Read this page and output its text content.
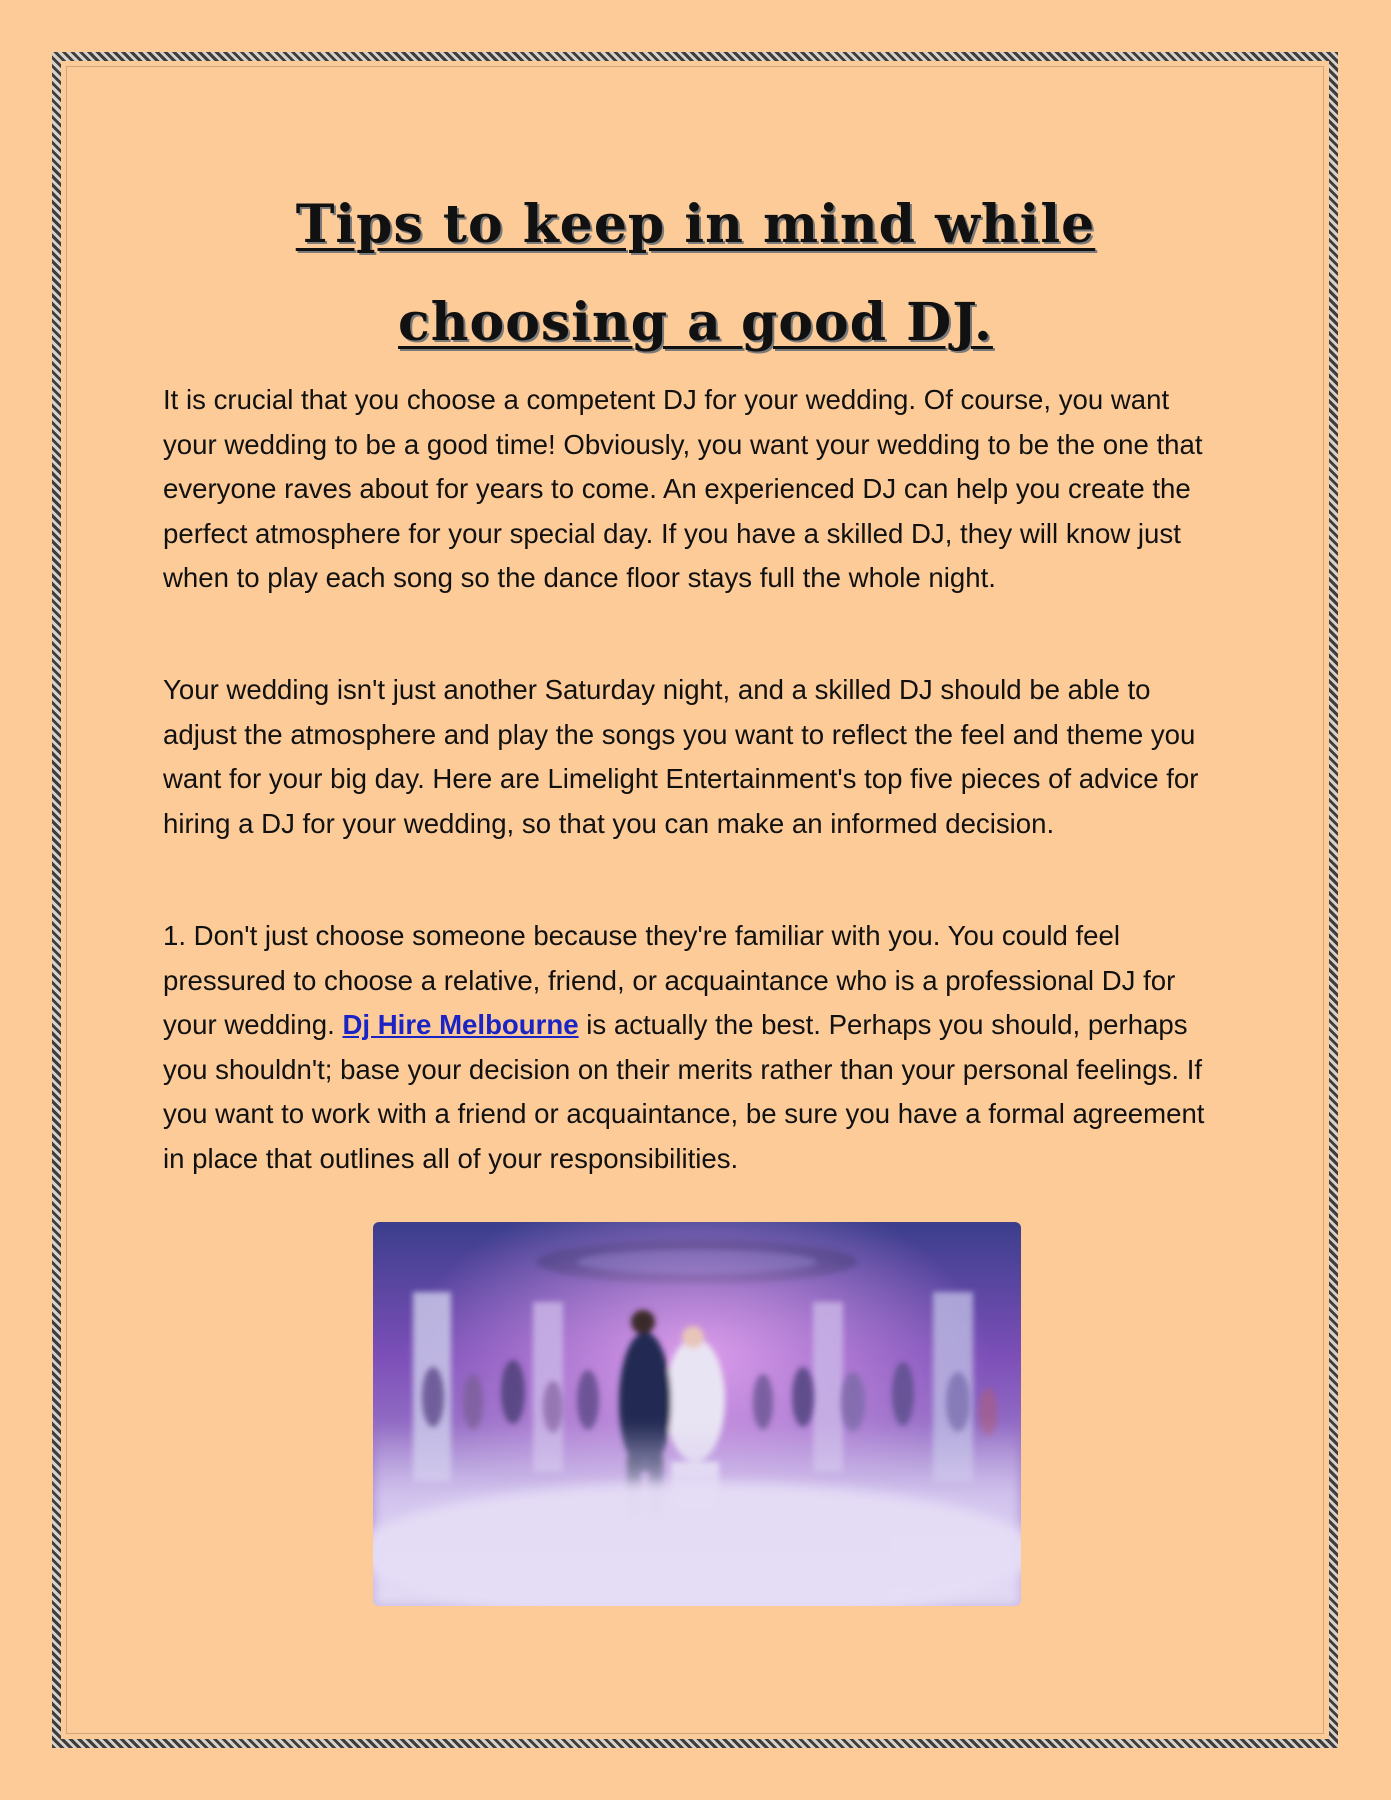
Tips to keep in mind while
choosing a good DJ.

It is crucial that you choose a competent DJ for your wedding. Of course, you want your wedding to be a good time! Obviously, you want your wedding to be the one that everyone raves about for years to come. An experienced DJ can help you create the perfect atmosphere for your special day. If you have a skilled DJ, they will know just when to play each song so the dance floor stays full the whole night.

Your wedding isn't just another Saturday night, and a skilled DJ should be able to adjust the atmosphere and play the songs you want to reflect the feel and theme you want for your big day. Here are Limelight Entertainment's top five pieces of advice for hiring a DJ for your wedding, so that you can make an informed decision.

1. Don't just choose someone because they're familiar with you. You could feel pressured to choose a relative, friend, or acquaintance who is a professional DJ for your wedding. Dj Hire Melbourne is actually the best. Perhaps you should, perhaps you shouldn't; base your decision on their merits rather than your personal feelings. If you want to work with a friend or acquaintance, be sure you have a formal agreement in place that outlines all of your responsibilities.
